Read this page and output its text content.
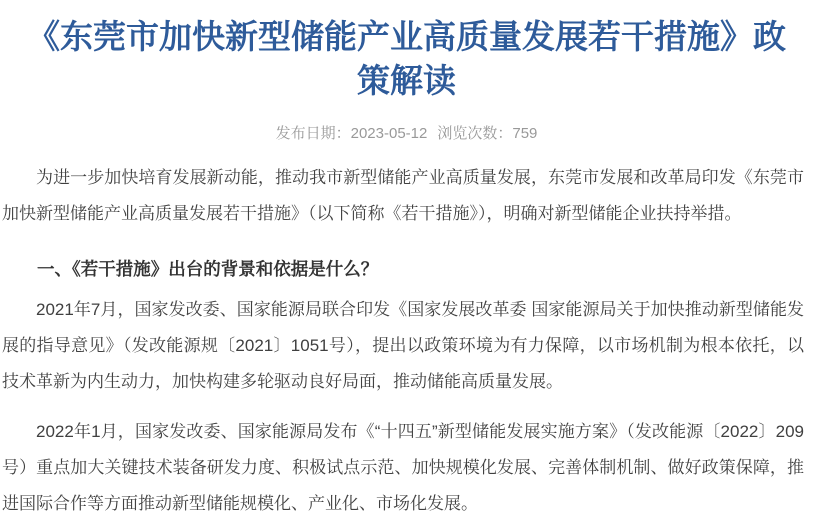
《东莞市加快新型储能产业高质量发展若干措施》政策解读
发布日期：2023-05-12 浏览次数：759

为进一步加快培育发展新动能，推动我市新型储能产业高质量发展，东莞市发展和改革局印发《东莞市加快新型储能产业高质量发展若干措施》（以下简称《若干措施》），明确对新型储能企业扶持举措。

一、《若干措施》出台的背景和依据是什么？

2021年7月，国家发改委、国家能源局联合印发《国家发展改革委 国家能源局关于加快推动新型储能发展的指导意见》（发改能源规〔2021〕1051号），提出以政策环境为有力保障，以市场机制为根本依托，以技术革新为内生动力，加快构建多轮驱动良好局面，推动储能高质量发展。

2022年1月，国家发改委、国家能源局发布《“十四五”新型储能发展实施方案》（发改能源〔2022〕209号）重点加大关键技术装备研发力度、积极试点示范、加快规模化发展、完善体制机制、做好政策保障，推进国际合作等方面推动新型储能规模化、产业化、市场化发展。
